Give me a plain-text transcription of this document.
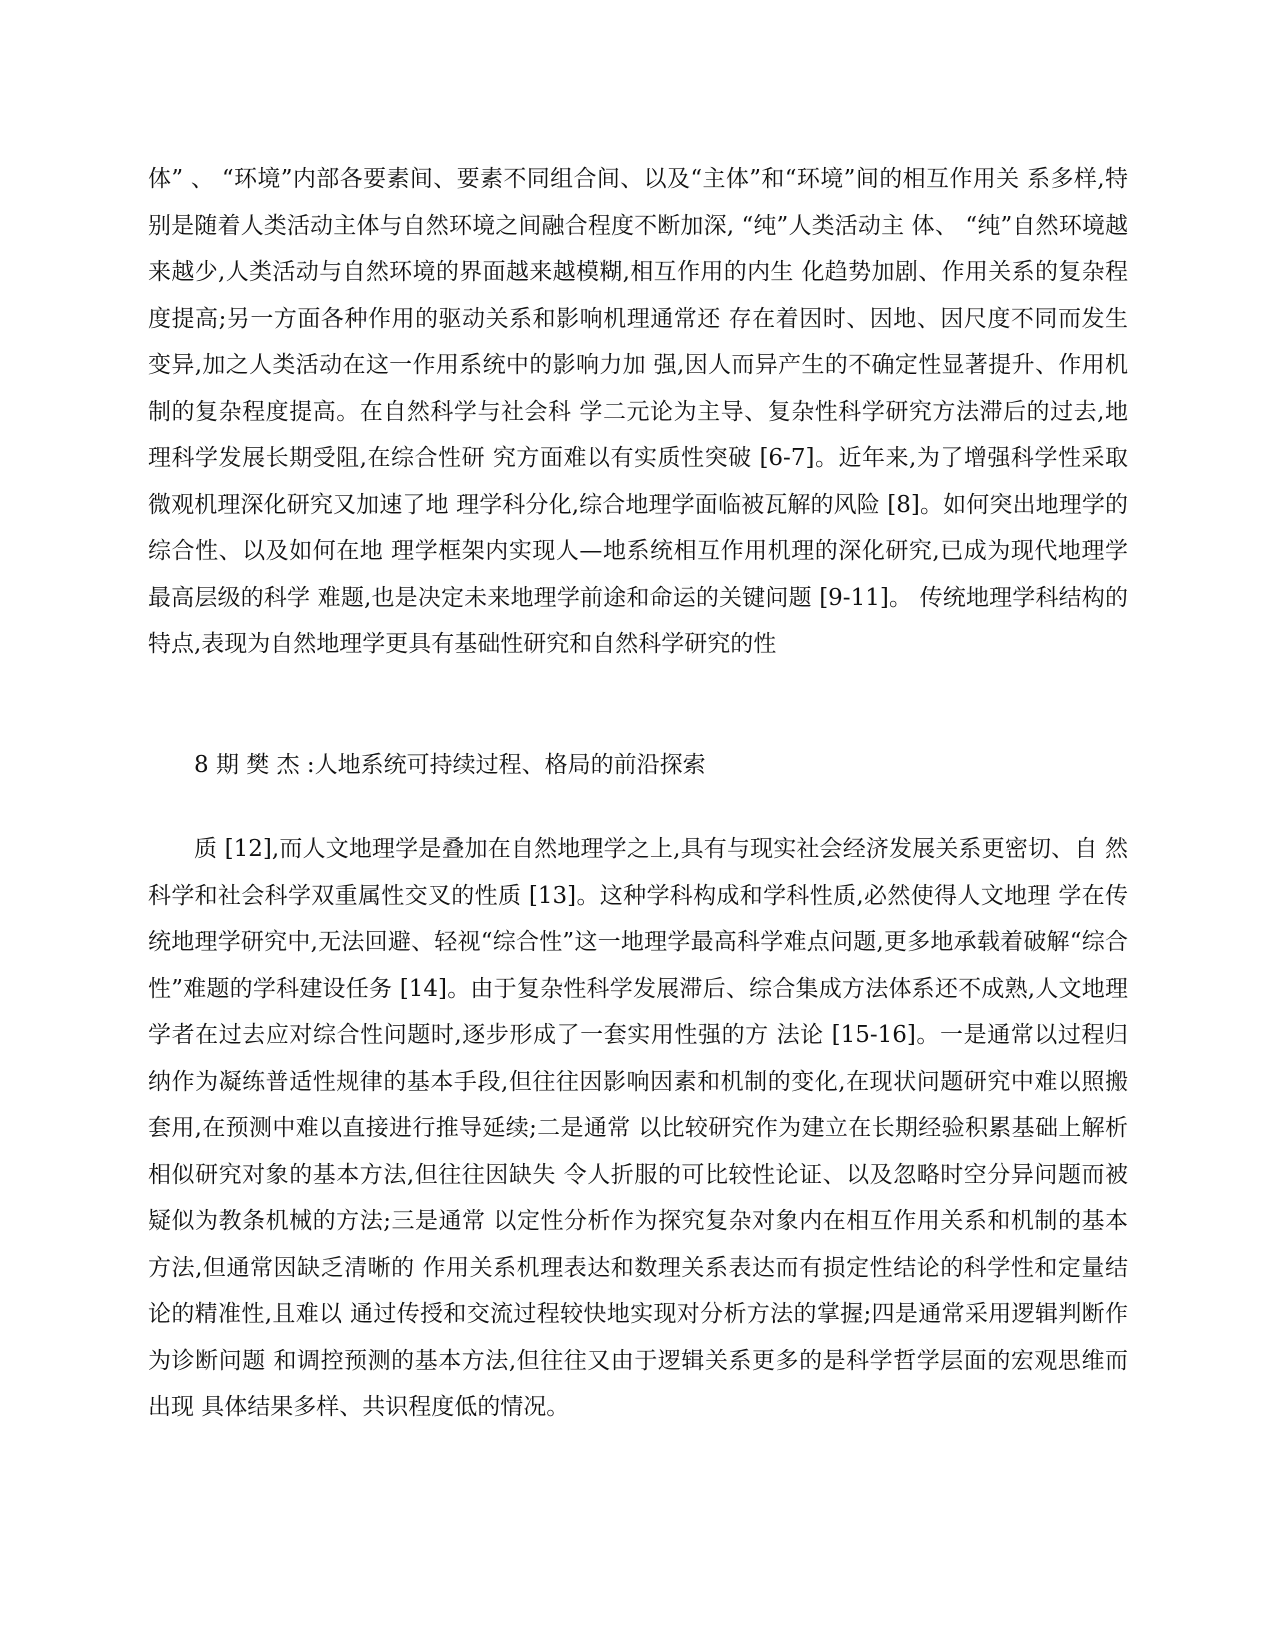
体” 、 “环境”内部各要素间、要素不同组合间、以及“主体”和“环境”间的相互作用关 系多样,特别是随着人类活动主体与自然环境之间融合程度不断加深, “纯”人类活动主 体、 “纯”自然环境越来越少,人类活动与自然环境的界面越来越模糊,相互作用的内生 化趋势加剧、作用关系的复杂程度提高;另一方面各种作用的驱动关系和影响机理通常还 存在着因时、因地、因尺度不同而发生变异,加之人类活动在这一作用系统中的影响力加 强,因人而异产生的不确定性显著提升、作用机制的复杂程度提高。在自然科学与社会科 学二元论为主导、复杂性科学研究方法滞后的过去,地理科学发展长期受阻,在综合性研 究方面难以有实质性突破 [6-7]。近年来,为了增强科学性采取微观机理深化研究又加速了地 理学科分化,综合地理学面临被瓦解的风险 [8]。如何突出地理学的综合性、以及如何在地 理学框架内实现人—地系统相互作用机理的深化研究,已成为现代地理学最高层级的科学 难题,也是决定未来地理学前途和命运的关键问题 [9-11]。 传统地理学科结构的特点,表现为自然地理学更具有基础性研究和自然科学研究的性

8 期 樊 杰 :人地系统可持续过程、格局的前沿探索

质 [12],而人文地理学是叠加在自然地理学之上,具有与现实社会经济发展关系更密切、自 然科学和社会科学双重属性交叉的性质 [13]。这种学科构成和学科性质,必然使得人文地理 学在传统地理学研究中,无法回避、轻视“综合性”这一地理学最高科学难点问题,更多地承载着破解“综合性”难题的学科建设任务 [14]。由于复杂性科学发展滞后、综合集成方法体系还不成熟,人文地理学者在过去应对综合性问题时,逐步形成了一套实用性强的方 法论 [15-16]。一是通常以过程归纳作为凝练普适性规律的基本手段,但往往因影响因素和机制的变化,在现状问题研究中难以照搬套用,在预测中难以直接进行推导延续;二是通常 以比较研究作为建立在长期经验积累基础上解析相似研究对象的基本方法,但往往因缺失 令人折服的可比较性论证、以及忽略时空分异问题而被疑似为教条机械的方法;三是通常 以定性分析作为探究复杂对象内在相互作用关系和机制的基本方法,但通常因缺乏清晰的 作用关系机理表达和数理关系表达而有损定性结论的科学性和定量结论的精准性,且难以 通过传授和交流过程较快地实现对分析方法的掌握;四是通常采用逻辑判断作为诊断问题 和调控预测的基本方法,但往往又由于逻辑关系更多的是科学哲学层面的宏观思维而出现 具体结果多样、共识程度低的情况。
